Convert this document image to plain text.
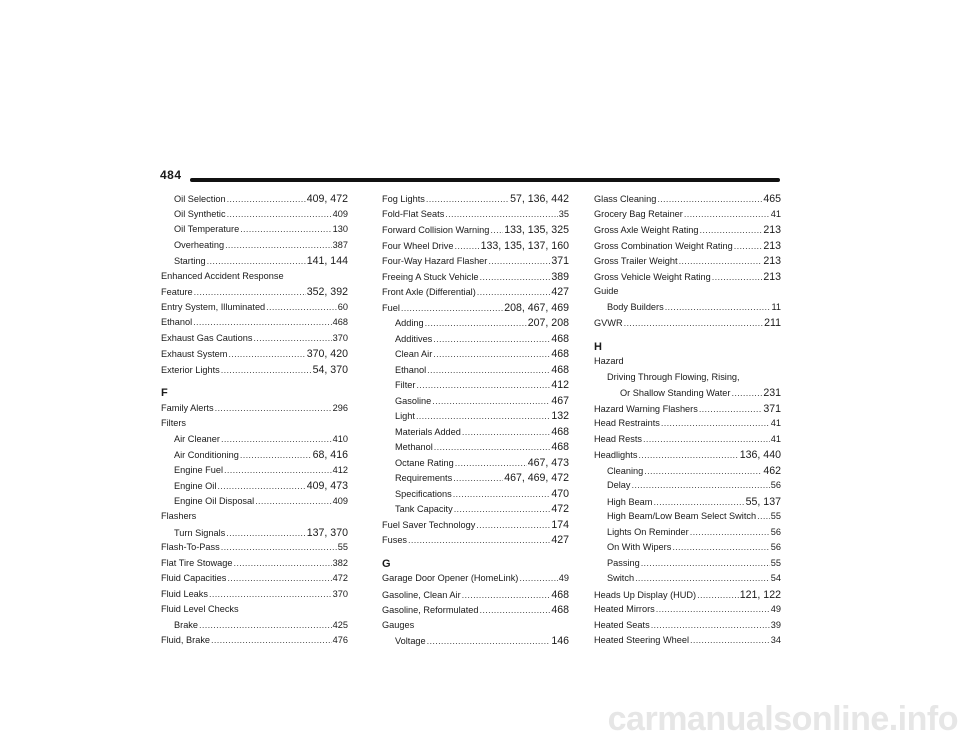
484
Oil Selection .....	409, 472
Oil Synthetic .....	409
Oil Temperature .....	130
Overheating .....	387
Starting .....	141, 144
Enhanced Accident Response
Feature .....	352, 392
Entry System, Illuminated .....	60
Ethanol .....	468
Exhaust Gas Cautions .....	370
Exhaust System .....	370, 420
Exterior Lights .....	54, 370
F
Family Alerts .....	296
Filters
Air Cleaner .....	410
Air Conditioning .....	68, 416
Engine Fuel .....	412
Engine Oil .....	409, 473
Engine Oil Disposal .....	409
Flashers
Turn Signals .....	137, 370
Flash-To-Pass .....	55
Flat Tire Stowage .....	382
Fluid Capacities .....	472
Fluid Leaks .....	370
Fluid Level Checks
Brake .....	425
Fluid, Brake .....	476
Fog Lights .....	57, 136, 442
Fold-Flat Seats .....	35
Forward Collision Warning ..... 133, 135, 325
Four Wheel Drive .....	133, 135, 137, 160
Four-Way Hazard Flasher .....	371
Freeing A Stuck Vehicle .....	389
Front Axle (Differential) .....	427
Fuel .....	208, 467, 469
Adding .....	207, 208
Additives .....	468
Clean Air .....	468
Ethanol .....	468
Filter .....	412
Gasoline .....	467
Light .....	132
Materials Added .....	468
Methanol .....	468
Octane Rating .....	467, 473
Requirements .....	467, 469, 472
Specifications .....	470
Tank Capacity .....	472
Fuel Saver Technology .....	174
Fuses .....	427
G
Garage Door Opener (HomeLink) .....	49
Gasoline, Clean Air .....	468
Gasoline, Reformulated .....	468
Gauges
Voltage .....	146
Glass Cleaning .....	465
Grocery Bag Retainer .....	41
Gross Axle Weight Rating .....	213
Gross Combination Weight Rating .....	213
Gross Trailer Weight .....	213
Gross Vehicle Weight Rating .....	213
Guide
Body Builders .....	11
GVWR .....	211
H
Hazard
Driving Through Flowing, Rising,
Or Shallow Standing Water .....	231
Hazard Warning Flashers .....	371
Head Restraints .....	41
Head Rests .....	41
Headlights .....	136, 440
Cleaning .....	462
Delay .....	56
High Beam .....	55, 137
High Beam/Low Beam Select Switch ..... 55
Lights On Reminder .....	56
On With Wipers .....	56
Passing .....	55
Switch .....	54
Heads Up Display (HUD) .....	121, 122
Heated Mirrors .....	49
Heated Seats .....	39
Heated Steering Wheel .....	34
carmanualsonline.info
